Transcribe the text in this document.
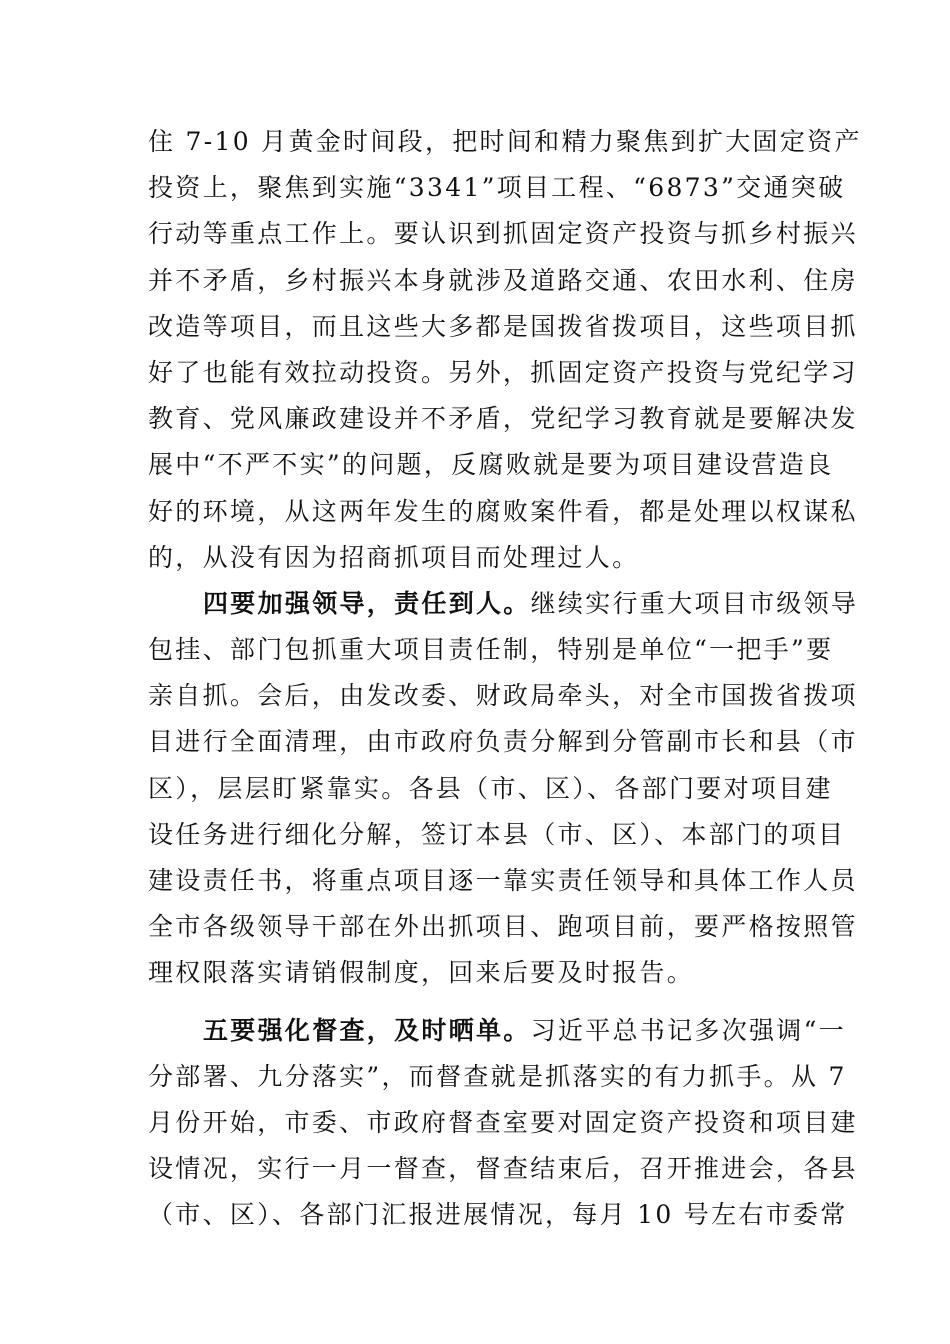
住 7-10 月黄金时间段，把时间和精力聚焦到扩大固定资产
投资上，聚焦到实施“3341”项目工程、“6873”交通突破
行动等重点工作上。要认识到抓固定资产投资与抓乡村振兴
并不矛盾，乡村振兴本身就涉及道路交通、农田水利、住房
改造等项目，而且这些大多都是国拨省拨项目，这些项目抓
好了也能有效拉动投资。另外，抓固定资产投资与党纪学习
教育、党风廉政建设并不矛盾，党纪学习教育就是要解决发
展中“不严不实”的问题，反腐败就是要为项目建设营造良
好的环境，从这两年发生的腐败案件看，都是处理以权谋私
的，从没有因为招商抓项目而处理过人。
四要加强领导，责任到人。继续实行重大项目市级领导
包挂、部门包抓重大项目责任制，特别是单位“一把手”要
亲自抓。会后，由发改委、财政局牵头，对全市国拨省拨项
目进行全面清理，由市政府负责分解到分管副市长和县（市
区），层层盯紧靠实。各县（市、区）、各部门要对项目建
设任务进行细化分解，签订本县（市、区）、本部门的项目
建设责任书，将重点项目逐一靠实责任领导和具体工作人员
全市各级领导干部在外出抓项目、跑项目前，要严格按照管
理权限落实请销假制度，回来后要及时报告。
五要强化督查，及时晒单。习近平总书记多次强调“一
分部署、九分落实”，而督查就是抓落实的有力抓手。从 7
月份开始，市委、市政府督查室要对固定资产投资和项目建
设情况，实行一月一督查，督查结束后，召开推进会，各县
（市、区）、各部门汇报进展情况，每月 10 号左右市委常
